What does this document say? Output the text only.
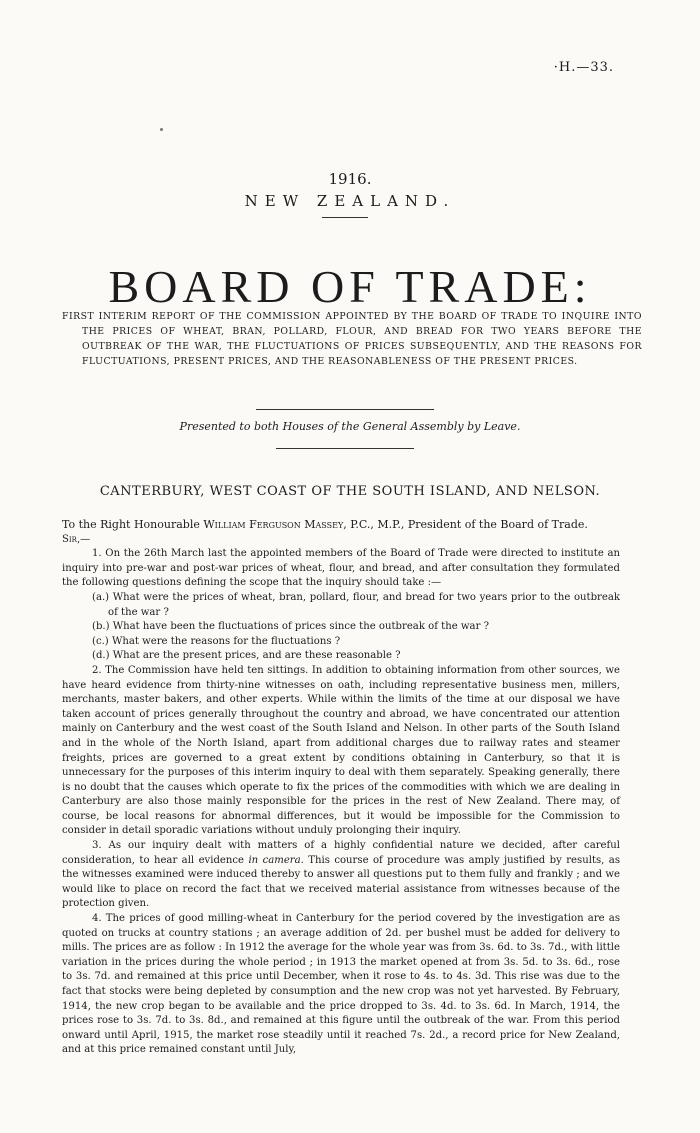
·H.—33.
1916.
NEW ZEALAND.
BOARD OF TRADE:
FIRST INTERIM REPORT OF THE COMMISSION APPOINTED BY THE BOARD OF TRADE TO INQUIRE INTO THE PRICES OF WHEAT, BRAN, POLLARD, FLOUR, AND BREAD FOR TWO YEARS BEFORE THE OUTBREAK OF THE WAR, THE FLUCTUATIONS OF PRICES SUBSEQUENTLY, AND THE REASONS FOR FLUCTUATIONS, PRESENT PRICES, AND THE REASONABLENESS OF THE PRESENT PRICES.
Presented to both Houses of the General Assembly by Leave.
CANTERBURY, WEST COAST OF THE SOUTH ISLAND, AND NELSON.

To the Right Honourable William Ferguson Massey, P.C., M.P., President of the Board of Trade.

Sir,—

1. On the 26th March last the appointed members of the Board of Trade were directed to institute an inquiry into pre-war and post-war prices of wheat, flour, and bread, and after consultation they formulated the following questions defining the scope that the inquiry should take :—

(a.) What were the prices of wheat, bran, pollard, flour, and bread for two years prior to the outbreak of the war ?

(b.) What have been the fluctuations of prices since the outbreak of the war ?

(c.) What were the reasons for the fluctuations ?

(d.) What are the present prices, and are these reasonable ?

2. The Commission have held ten sittings. In addition to obtaining information from other sources, we have heard evidence from thirty-nine witnesses on oath, including representative business men, millers, merchants, master bakers, and other experts. While within the limits of the time at our disposal we have taken account of prices generally throughout the country and abroad, we have concentrated our attention mainly on Canterbury and the west coast of the South Island and Nelson. In other parts of the South Island and in the whole of the North Island, apart from additional charges due to railway rates and steamer freights, prices are governed to a great extent by conditions obtaining in Canterbury, so that it is unnecessary for the purposes of this interim inquiry to deal with them separately. Speaking generally, there is no doubt that the causes which operate to fix the prices of the commodities with which we are dealing in Canterbury are also those mainly responsible for the prices in the rest of New Zealand. There may, of course, be local reasons for abnormal differences, but it would be impossible for the Commission to consider in detail sporadic variations without unduly prolonging their inquiry.

3. As our inquiry dealt with matters of a highly confidential nature we decided, after careful consideration, to hear all evidence in camera. This course of procedure was amply justified by results, as the witnesses examined were induced thereby to answer all questions put to them fully and frankly ; and we would like to place on record the fact that we received material assistance from witnesses because of the protection given.

4. The prices of good milling-wheat in Canterbury for the period covered by the investigation are as quoted on trucks at country stations ; an average addition of 2d. per bushel must be added for delivery to mills. The prices are as follow : In 1912 the average for the whole year was from 3s. 6d. to 3s. 7d., with little variation in the prices during the whole period ; in 1913 the market opened at from 3s. 5d. to 3s. 6d., rose to 3s. 7d. and remained at this price until December, when it rose to 4s. to 4s. 3d. This rise was due to the fact that stocks were being depleted by consumption and the new crop was not yet harvested. By February, 1914, the new crop began to be available and the price dropped to 3s. 4d. to 3s. 6d. In March, 1914, the prices rose to 3s. 7d. to 3s. 8d., and remained at this figure until the outbreak of the war. From this period onward until April, 1915, the market rose steadily until it reached 7s. 2d., a record price for New Zealand, and at this price remained constant until July,
